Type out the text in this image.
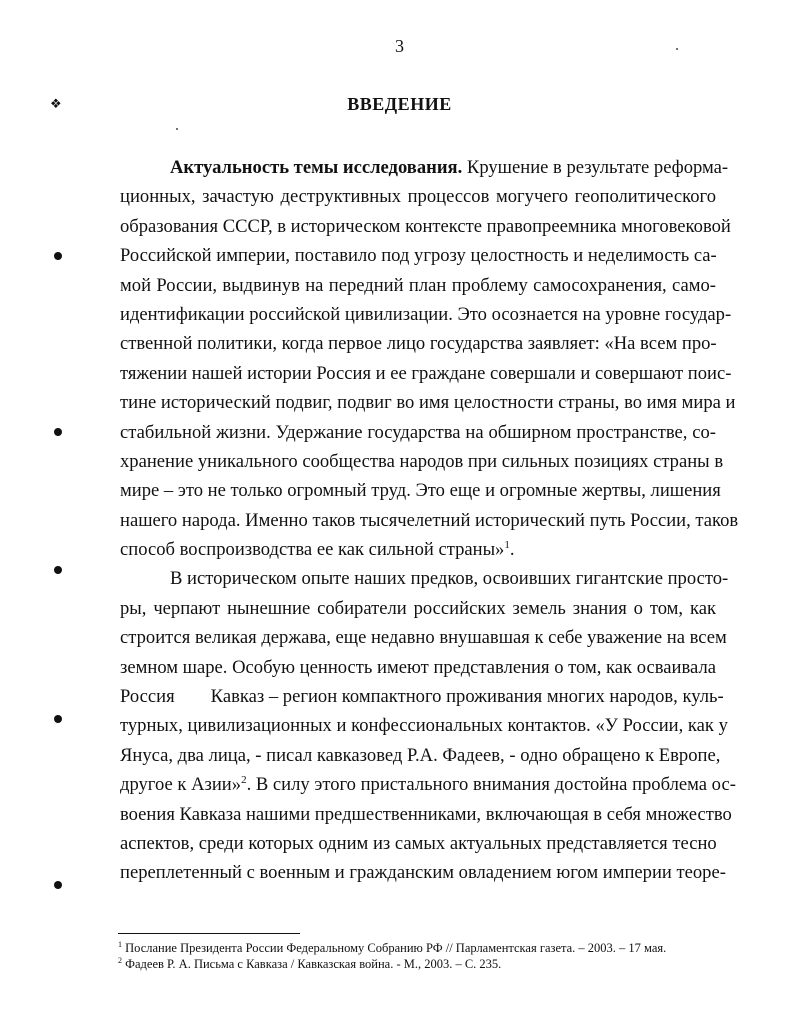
3
❖	ВВЕДЕНИЕ
Актуальность темы исследования. Крушение в результате реформа-
ционных, зачастую деструктивных процессов могучего геополитического
образования СССР, в историческом контексте правопреемника многовековой
Российской империи, поставило под угрозу целостность и неделимость са-
мой России, выдвинув на передний план проблему самосохранения, само-
идентификации российской цивилизации. Это осознается на уровне государ-
ственной политики, когда первое лицо государства заявляет: «На всем про-
тяжении нашей истории Россия и ее граждане совершали и совершают поис-
тине исторический подвиг, подвиг во имя целостности страны, во имя мира и
стабильной жизни. Удержание государства на обширном пространстве, со-
хранение уникального сообщества народов при сильных позициях страны в
мире – это не только огромный труд. Это еще и огромные жертвы, лишения
нашего народа. Именно таков тысячелетний исторический путь России, таков
способ воспроизводства ее как сильной страны»$^1$.
В историческом опыте наших предков, освоивших гигантские просто-
ры, черпают нынешние собиратели российских земель знания о том, как
строится великая держава, еще недавно внушавшая к себе уважение на всем
земном шаре. Особую ценность имеют представления о том, как осваивала
Россия Кавказ – регион компактного проживания многих народов, куль-
турных, цивилизационных и конфессиональных контактов. «У России, как у
Януса, два лица, - писал кавказовед Р.А. Фадеев, - одно обращено к Европе,
другое к Азии»$^2$. В силу этого пристального внимания достойна проблема ос-
воения Кавказа нашими предшественниками, включающая в себя множество
аспектов, среди которых одним из самых актуальных представляется тесно
переплетенный с военным и гражданским овладением югом империи теоре-
$^1$ Послание Президента России Федеральному Собранию РФ // Парламентская газета. – 2003. – 17 мая.
$^2$ Фадеев Р. А. Письма с Кавказа / Кавказская война. - М., 2003. – С. 235.
